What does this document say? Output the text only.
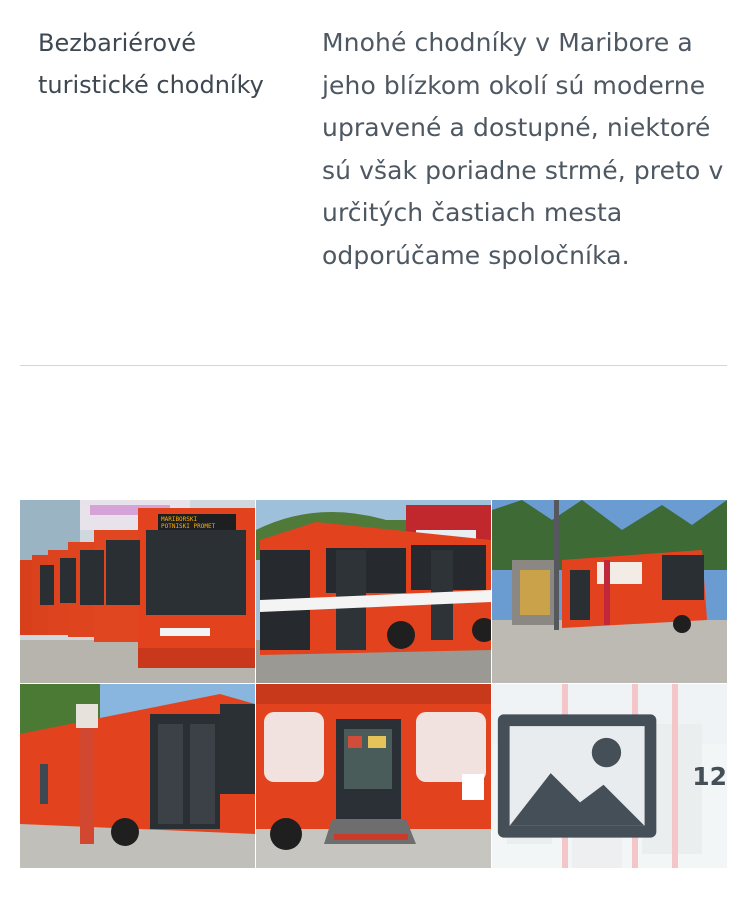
Bezbariérové turistické chodníky
Mnohé chodníky v Maribore a jeho blízkom okolí sú moderne upravené a dostupné, niektoré sú však poriadne strmé, preto v určitých častiach mesta odporúčame spoločníka.
MARIBORSKI
POTNISKI PROMET
12
